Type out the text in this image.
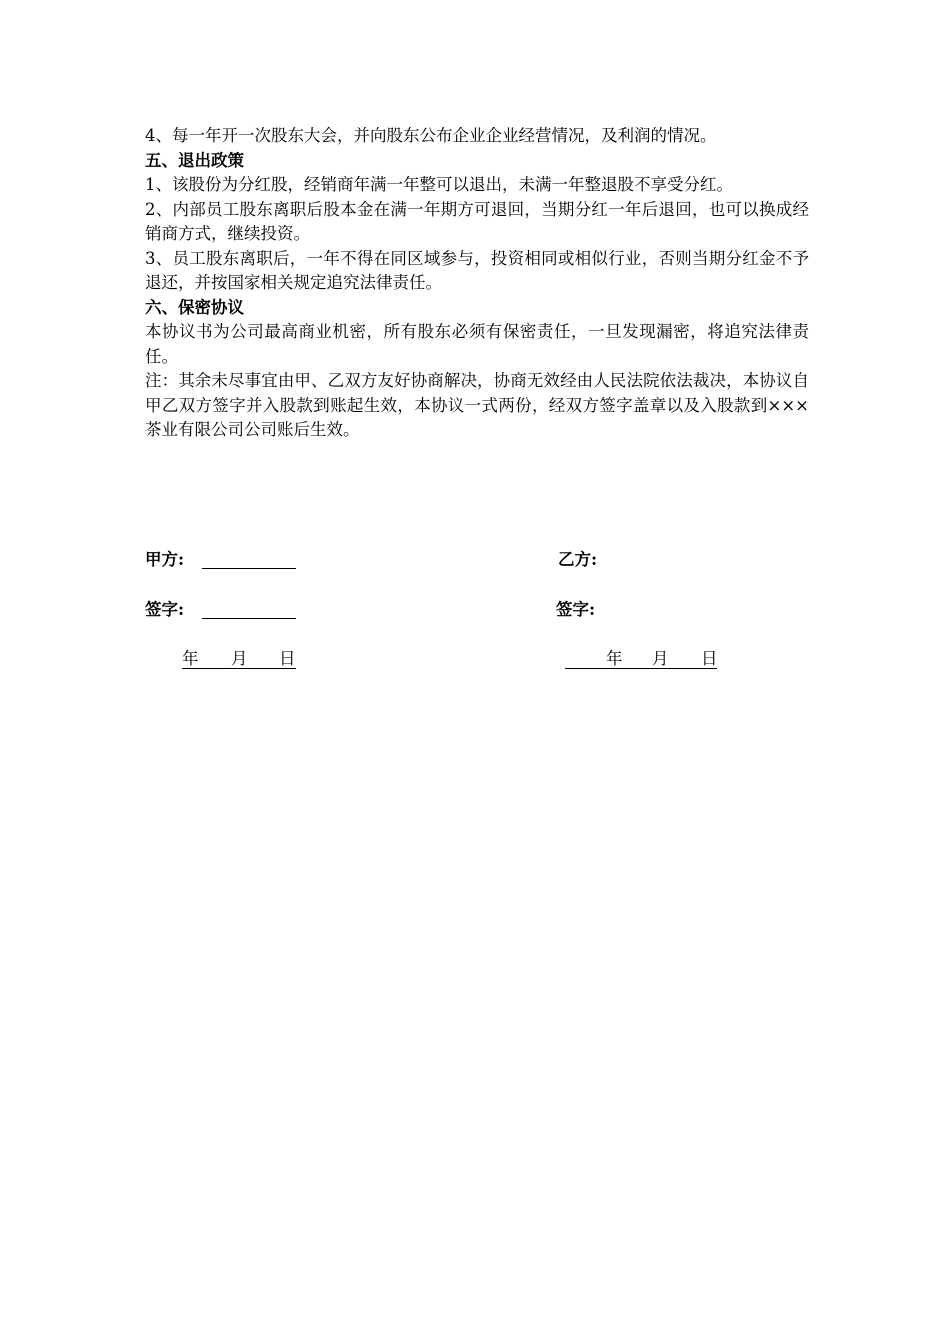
4、每一年开一次股东大会，并向股东公布企业企业经营情况，及利润的情况。

五、退出政策

1、该股份为分红股，经销商年满一年整可以退出，未满一年整退股不享受分红。

2、内部员工股东离职后股本金在满一年期方可退回，当期分红一年后退回，也可以换成经销商方式，继续投资。

3、员工股东离职后，一年不得在同区域参与，投资相同或相似行业，否则当期分红金不予退还，并按国家相关规定追究法律责任。

六、保密协议

本协议书为公司最高商业机密，所有股东必须有保密责任，一旦发现漏密，将追究法律责任。

注：其余未尽事宜由甲、乙双方友好协商解决，协商无效经由人民法院依法裁决，本协议自甲乙双方签字并入股款到账起生效，本协议一式两份，经双方签字盖章以及入股款到×××茶业有限公司公司账后生效。

甲方:	乙方:
签字:	签字:
年 月 日	年 月 日
